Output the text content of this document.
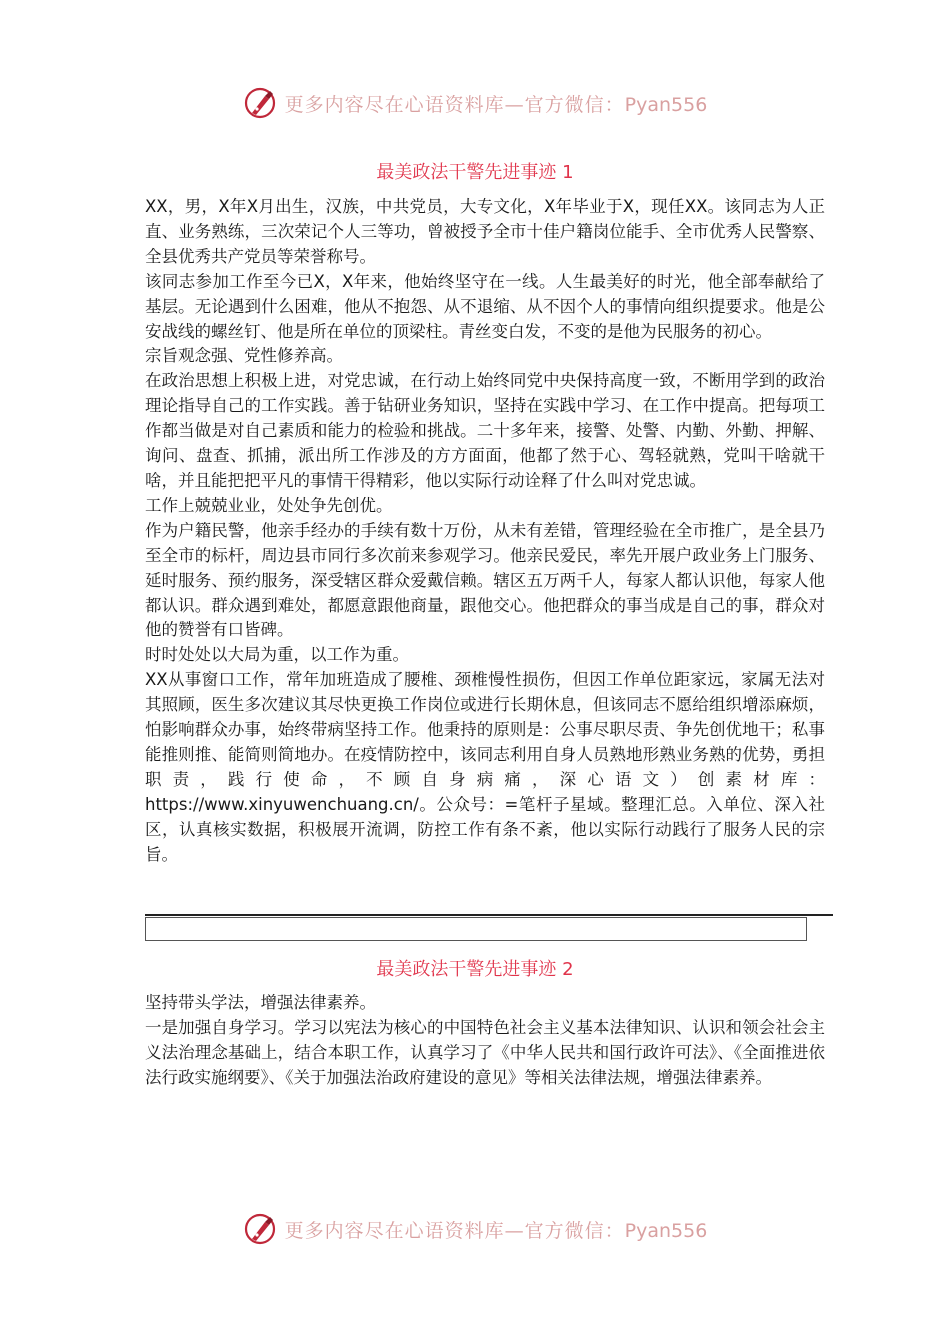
更多内容尽在心语资料库—官方微信：Pyan556
最美政法干警先进事迹 1

XX，男，X年X月出生，汉族，中共党员，大专文化，X年毕业于X，现任XX。该同志为人正直、业务熟练，三次荣记个人三等功，曾被授予全市十佳户籍岗位能手、全市优秀人民警察、全县优秀共产党员等荣誉称号。

该同志参加工作至今已X，X年来，他始终坚守在一线。人生最美好的时光，他全部奉献给了基层。无论遇到什么困难，他从不抱怨、从不退缩、从不因个人的事情向组织提要求。他是公安战线的螺丝钉、他是所在单位的顶梁柱。青丝变白发，不变的是他为民服务的初心。

宗旨观念强、党性修养高。

在政治思想上积极上进，对党忠诚，在行动上始终同党中央保持高度一致，不断用学到的政治理论指导自己的工作实践。善于钻研业务知识，坚持在实践中学习、在工作中提高。把每项工作都当做是对自己素质和能力的检验和挑战。二十多年来，接警、处警、内勤、外勤、押解、询问、盘查、抓捕，派出所工作涉及的方方面面，他都了然于心、驾轻就熟，党叫干啥就干啥，并且能把把平凡的事情干得精彩，他以实际行动诠释了什么叫对党忠诚。

工作上兢兢业业，处处争先创优。

作为户籍民警，他亲手经办的手续有数十万份，从未有差错，管理经验在全市推广，是全县乃至全市的标杆，周边县市同行多次前来参观学习。他亲民爱民，率先开展户政业务上门服务、延时服务、预约服务，深受辖区群众爱戴信赖。辖区五万两千人，每家人都认识他，每家人他都认识。群众遇到难处，都愿意跟他商量，跟他交心。他把群众的事当成是自己的事，群众对他的赞誉有口皆碑。

时时处处以大局为重，以工作为重。

XX从事窗口工作，常年加班造成了腰椎、颈椎慢性损伤，但因工作单位距家远，家属无法对其照顾，医生多次建议其尽快更换工作岗位或进行长期休息，但该同志不愿给组织增添麻烦，怕影响群众办事，始终带病坚持工作。他秉持的原则是：公事尽职尽责、争先创优地干；私事能推则推、能简则简地办。在疫情防控中，该同志利用自身人员熟地形熟业务熟的优势，勇担职责，践行使命，不顾自身病痛，深心语文）创素材库：https://www.xinyuwenchuang.cn/。公众号：=笔杆子星域。整理汇总。入单位、深入社区，认真核实数据，积极展开流调，防控工作有条不紊，他以实际行动践行了服务人民的宗旨。

最美政法干警先进事迹 2

坚持带头学法，增强法律素养。

一是加强自身学习。学习以宪法为核心的中国特色社会主义基本法律知识、认识和领会社会主义法治理念基础上，结合本职工作，认真学习了《中华人民共和国行政许可法》、《全面推进依法行政实施纲要》、《关于加强法治政府建设的意见》等相关法律法规，增强法律素养。

更多内容尽在心语资料库—官方微信：Pyan556
